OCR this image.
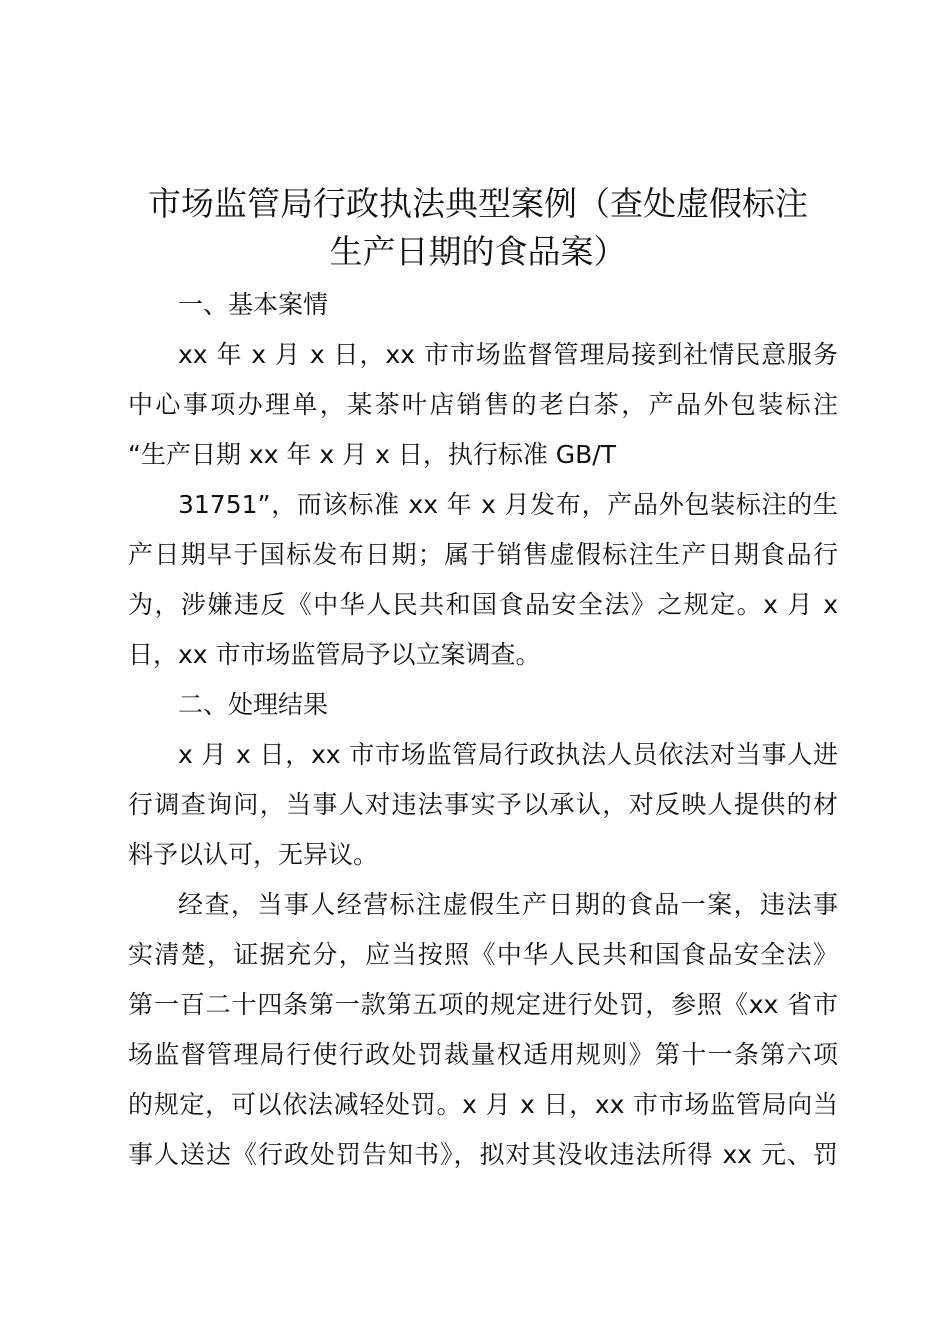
市场监管局行政执法典型案例（查处虚假标注
生产日期的食品案）

一、基本案情

xx 年 x 月 x 日，xx 市市场监督管理局接到社情民意服务

中心事项办理单，某茶叶店销售的老白茶，产品外包装标注

“生产日期 xx 年 x 月 x 日，执行标准 GB/T

31751”，而该标准 xx 年 x 月发布，产品外包装标注的生

产日期早于国标发布日期；属于销售虚假标注生产日期食品行

为，涉嫌违反《中华人民共和国食品安全法》之规定。x 月 x

日，xx 市市场监管局予以立案调查。

二、处理结果

x 月 x 日，xx 市市场监管局行政执法人员依法对当事人进

行调查询问，当事人对违法事实予以承认，对反映人提供的材

料予以认可，无异议。

经查，当事人经营标注虚假生产日期的食品一案，违法事

实清楚，证据充分，应当按照《中华人民共和国食品安全法》

第一百二十四条第一款第五项的规定进行处罚，参照《xx 省市

场监督管理局行使行政处罚裁量权适用规则》第十一条第六项

的规定，可以依法减轻处罚。x 月 x 日，xx 市市场监管局向当

事人送达《行政处罚告知书》，拟对其没收违法所得 xx 元、罚
